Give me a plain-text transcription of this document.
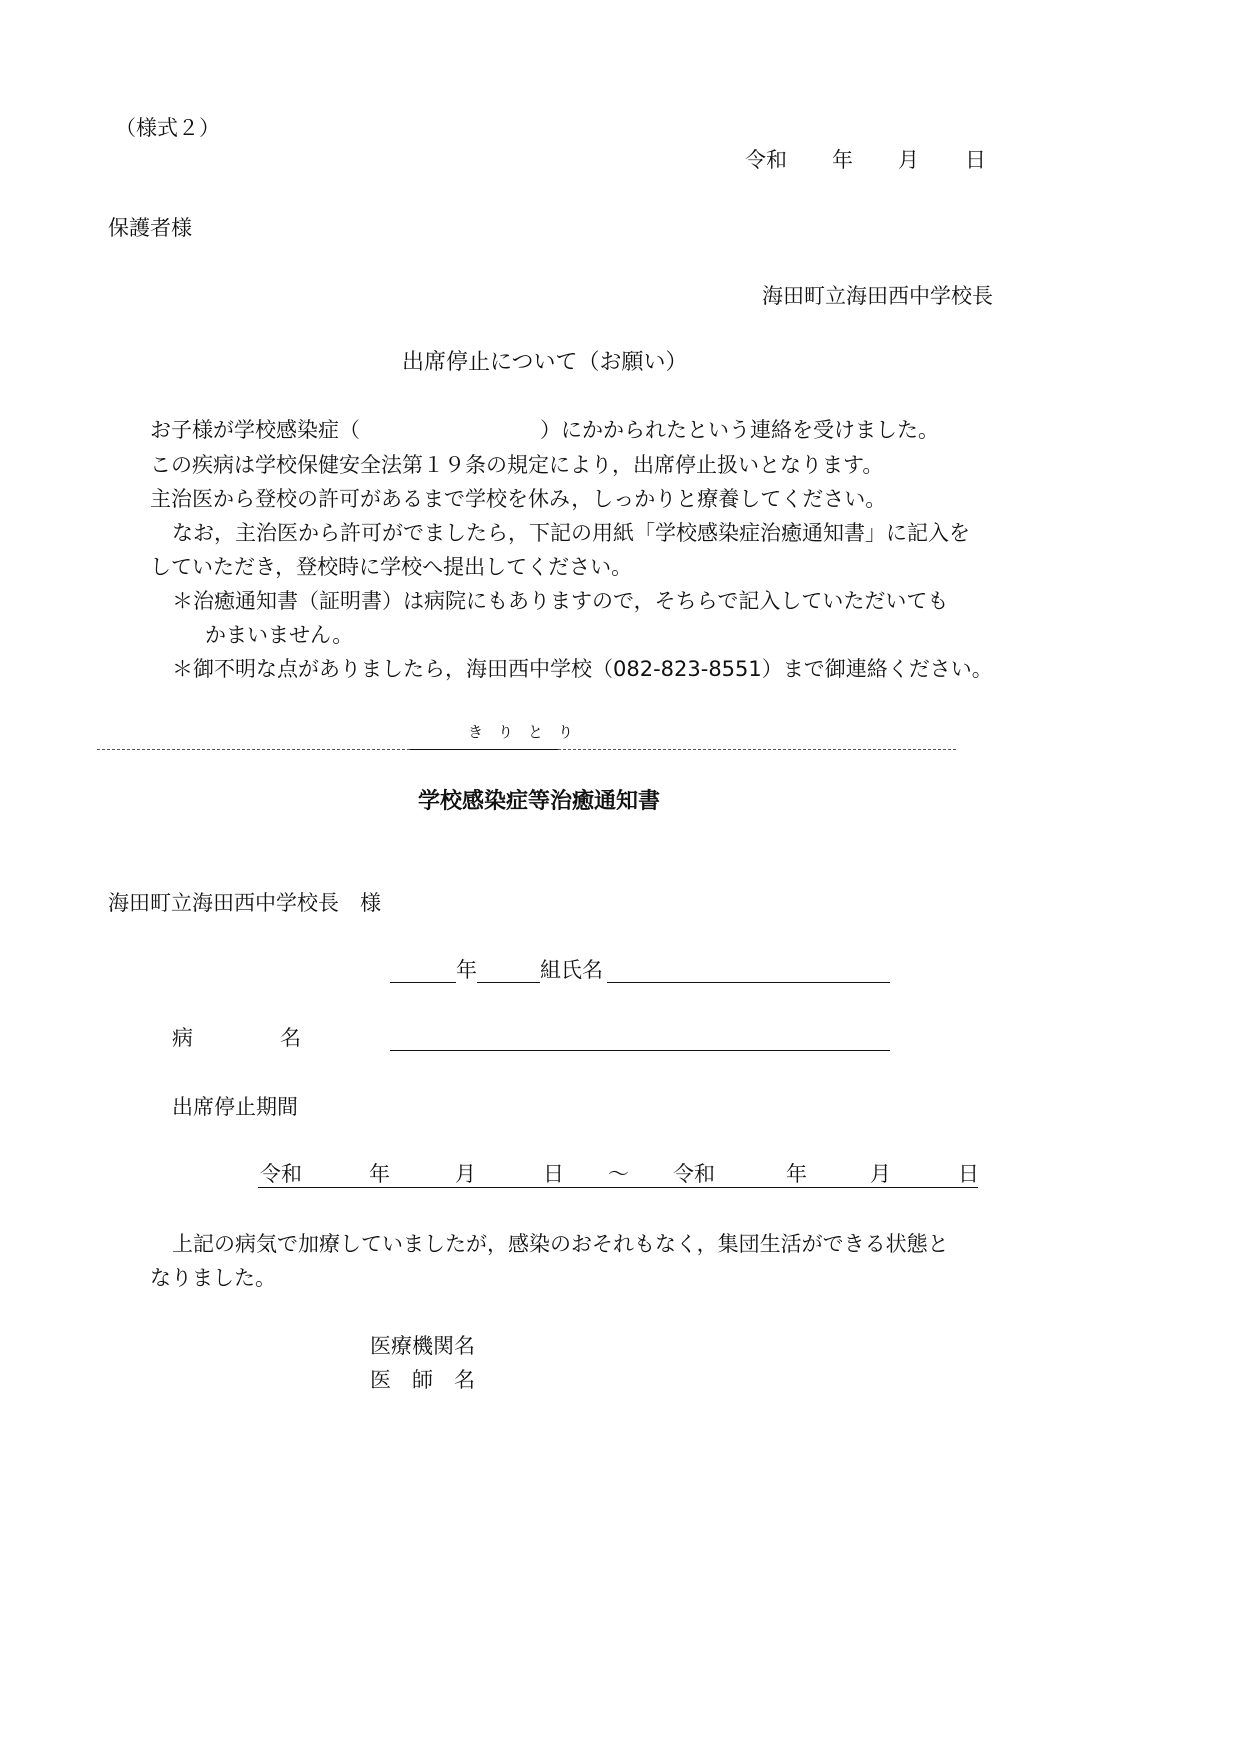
（様式２）
令和 年 月 日
保護者様
海田町立海田西中学校長
出席停止について（お願い）
お子様が学校感染症（	）にかかられたという連絡を受けました。
この疾病は学校保健安全法第１９条の規定により，出席停止扱いとなります。
主治医から登校の許可があるまで学校を休み，しっかりと療養してください。
なお，主治医から許可がでましたら，下記の用紙「学校感染症治癒通知書」に記入を
していただき，登校時に学校へ提出してください。
＊治癒通知書（証明書）は病院にもありますので，そちらで記入していただいても
かまいません。
＊御不明な点がありましたら，海田西中学校（082-823-8551）まで御連絡ください。
き　り　と　り
学校感染症等治癒通知書
海田町立海田西中学校長　様
年	組氏名
病	名
出席停止期間
令和	年	月	日 ～ 令和	年	月	日
上記の病気で加療していましたが，感染のおそれもなく，集団生活ができる状態と
なりました。
医療機関名
医　師　名
